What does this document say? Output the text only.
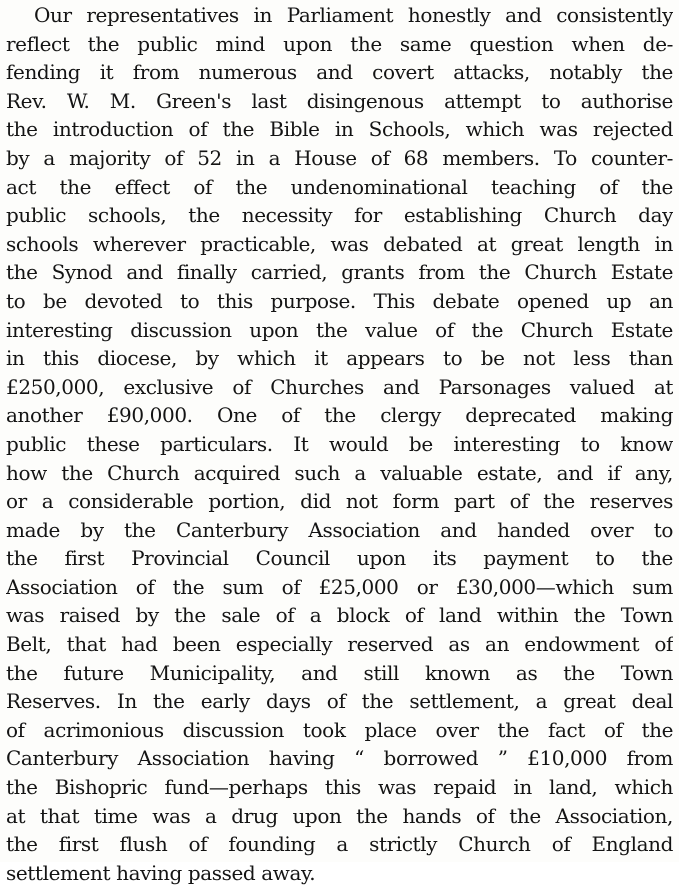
Our representatives in Parliament honestly and consistently
reflect the public mind upon the same question when de-
fending it from numerous and covert attacks, notably the
Rev. W. M. Green's last disingenous attempt to authorise
the introduction of the Bible in Schools, which was rejected
by a majority of 52 in a House of 68 members. To counter-
act the effect of the undenominational teaching of the
public schools, the necessity for establishing Church day
schools wherever practicable, was debated at great length in
the Synod and finally carried, grants from the Church Estate
to be devoted to this purpose. This debate opened up an
interesting discussion upon the value of the Church Estate
in this diocese, by which it appears to be not less than
£250,000, exclusive of Churches and Parsonages valued at
another £90,000. One of the clergy deprecated making
public these particulars. It would be interesting to know
how the Church acquired such a valuable estate, and if any,
or a considerable portion, did not form part of the reserves
made by the Canterbury Association and handed over to
the first Provincial Council upon its payment to the
Association of the sum of £25,000 or £30,000—which sum
was raised by the sale of a block of land within the Town
Belt, that had been especially reserved as an endowment of
the future Municipality, and still known as the Town
Reserves. In the early days of the settlement, a great deal
of acrimonious discussion took place over the fact of the
Canterbury Association having “ borrowed ” £10,000 from
the Bishopric fund—perhaps this was repaid in land, which
at that time was a drug upon the hands of the Association,
the first flush of founding a strictly Church of England
settlement having passed away.
